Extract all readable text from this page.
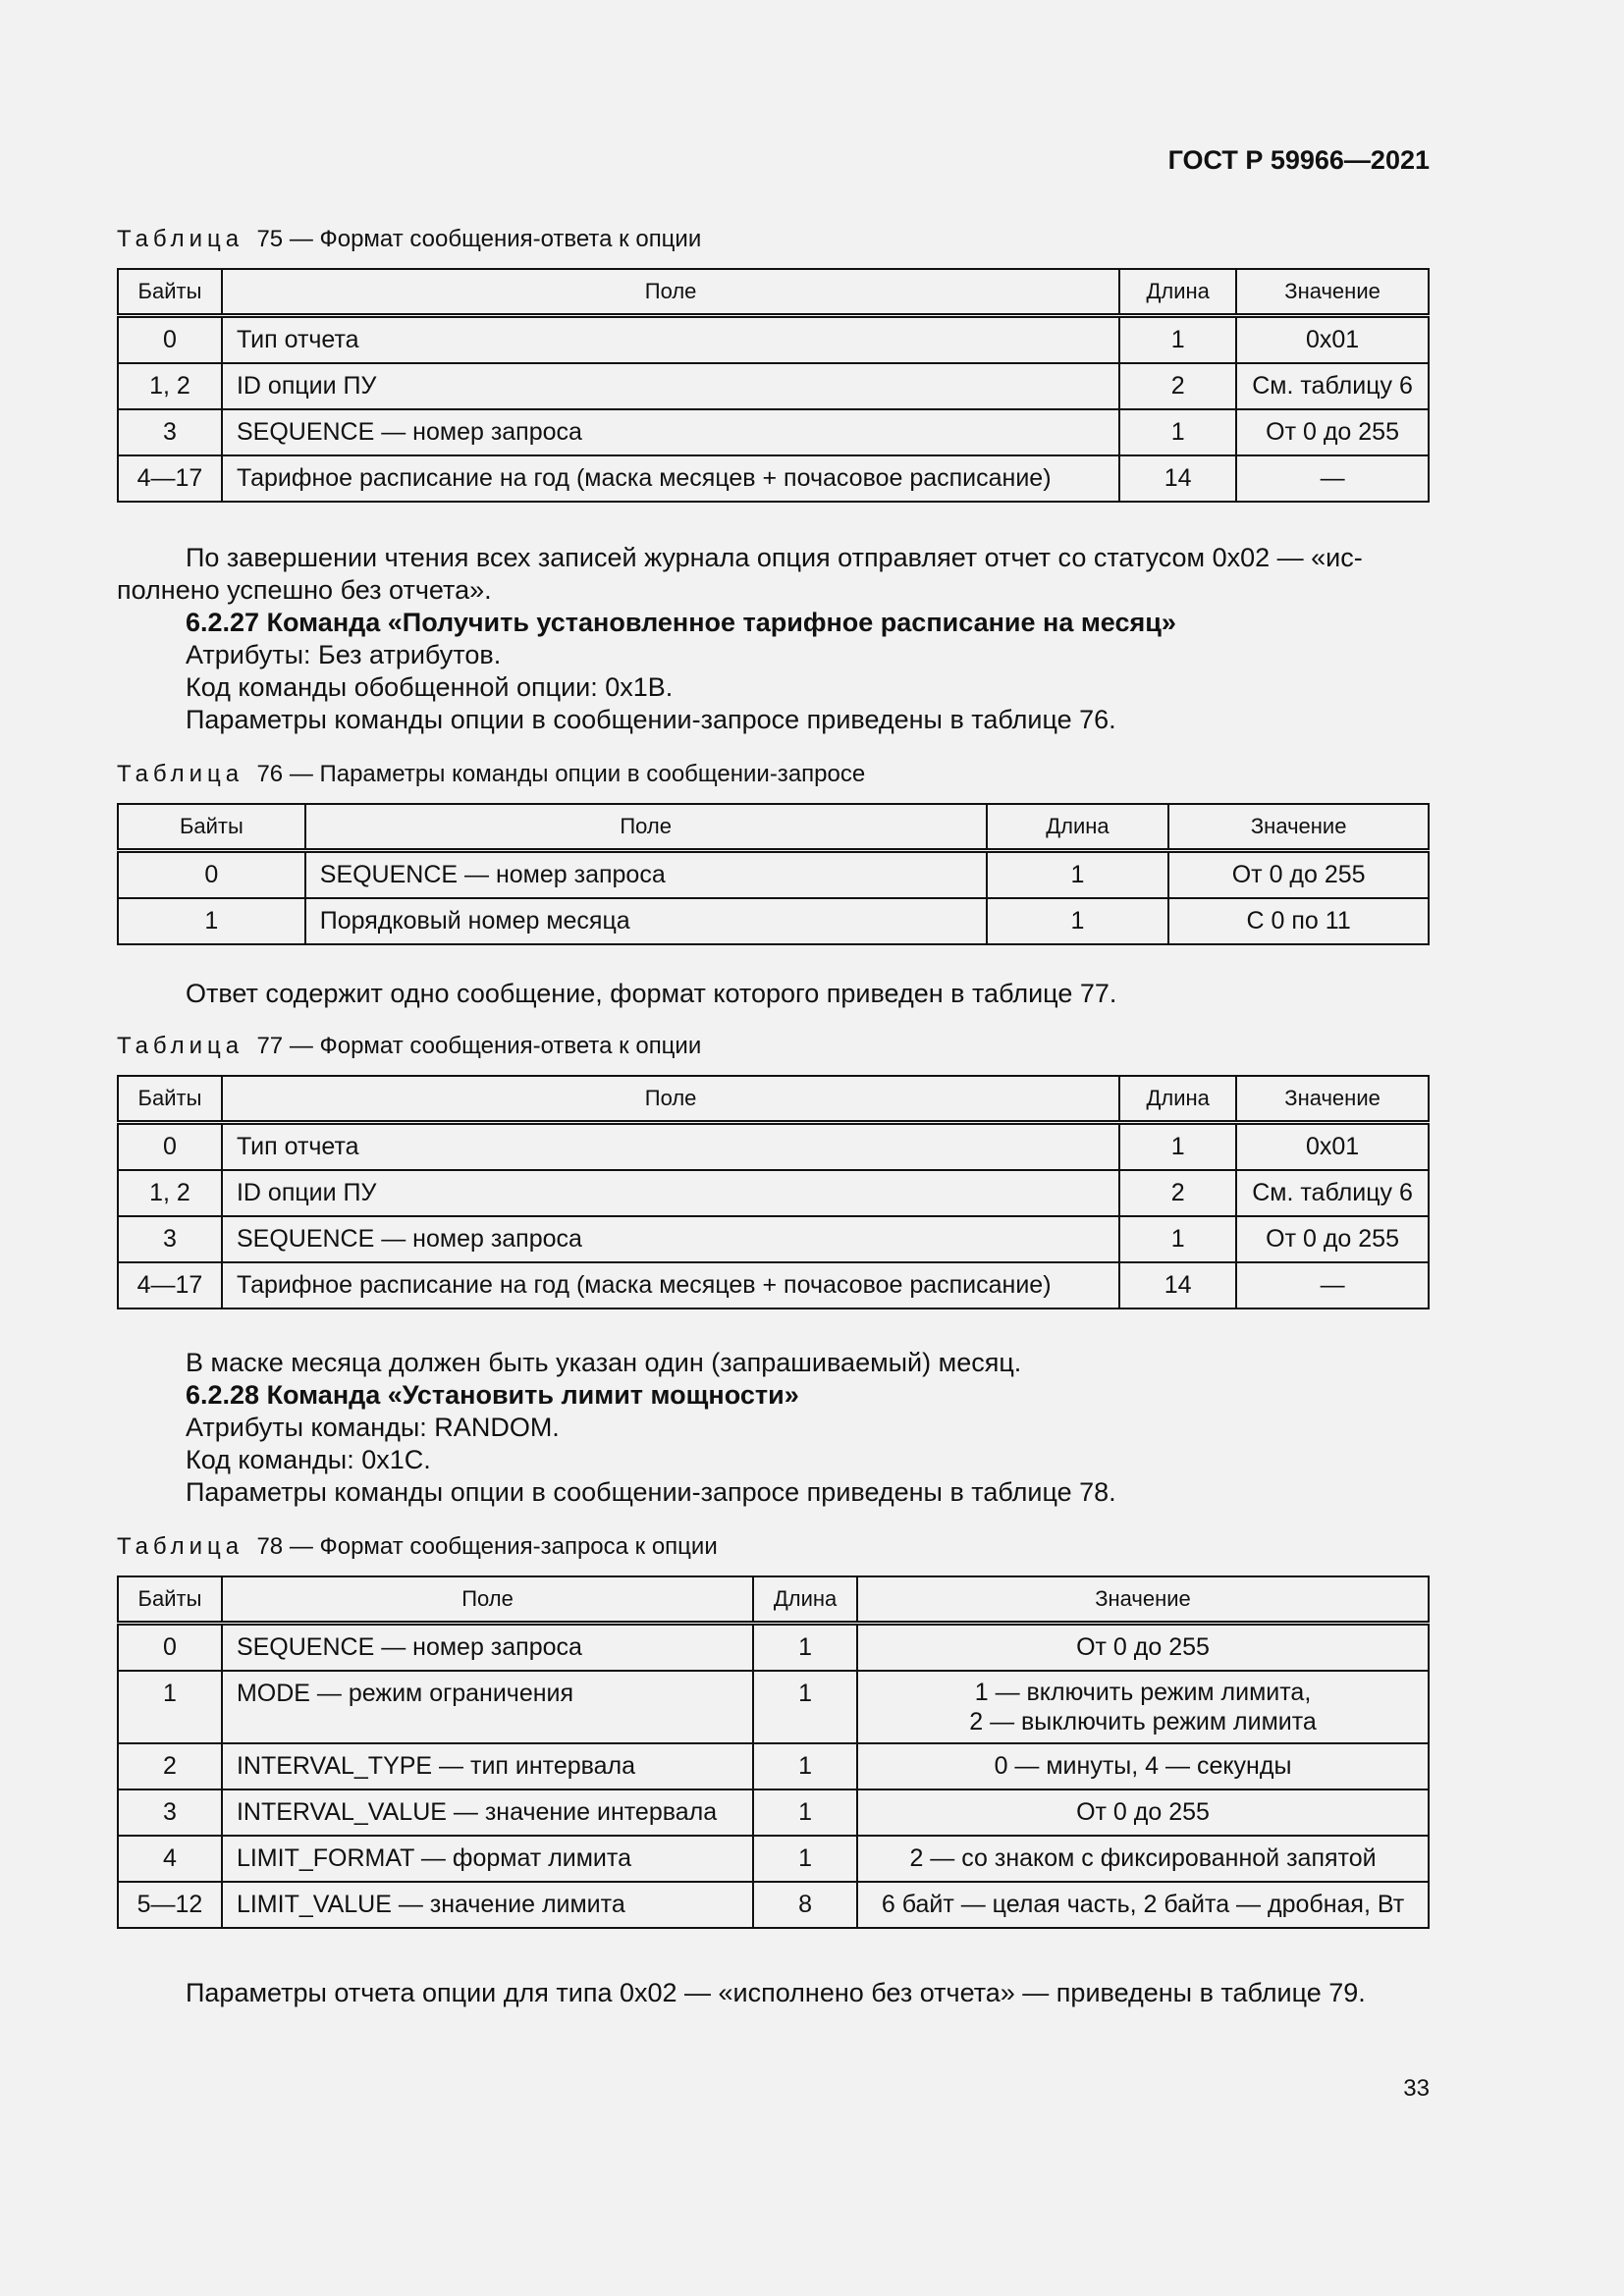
ГОСТ Р 59966—2021
Таблица 75 — Формат сообщения-ответа к опции
Байты	Поле	Длина	Значение
0	Тип отчета	1	0x01
1, 2	ID опции ПУ	2	См. таблицу 6
3	SEQUENCE — номер запроса	1	От 0 до 255
4—17	Тарифное расписание на год (маска месяцев + почасовое расписание)	14	—

По завершении чтения всех записей журнала опция отправляет отчет со статусом 0x02 — «исполнено успешно без отчета».

6.2.27 Команда «Получить установленное тарифное расписание на месяц»

Атрибуты: Без атрибутов.

Код команды обобщенной опции: 0x1B.

Параметры команды опции в сообщении-запросе приведены в таблице 76.

Таблица 76 — Параметры команды опции в сообщении-запросе
Байты	Поле	Длина	Значение
0	SEQUENCE — номер запроса	1	От 0 до 255
1	Порядковый номер месяца	1	С 0 по 11

Ответ содержит одно сообщение, формат которого приведен в таблице 77.

Таблица 77 — Формат сообщения-ответа к опции
Байты	Поле	Длина	Значение
0	Тип отчета	1	0x01
1, 2	ID опции ПУ	2	См. таблицу 6
3	SEQUENCE — номер запроса	1	От 0 до 255
4—17	Тарифное расписание на год (маска месяцев + почасовое расписание)	14	—

В маске месяца должен быть указан один (запрашиваемый) месяц.

6.2.28 Команда «Установить лимит мощности»

Атрибуты команды: RANDOM.

Код команды: 0x1C.

Параметры команды опции в сообщении-запросе приведены в таблице 78.

Таблица 78 — Формат сообщения-запроса к опции
Байты	Поле	Длина	Значение
0	SEQUENCE — номер запроса	1	От 0 до 255
1	MODE — режим ограничения	1	1 — включить режим лимита,
2 — выключить режим лимита

2	INTERVAL_TYPE — тип интервала	1	0 — минуты, 4 — секунды
3	INTERVAL_VALUE — значение интервала	1	От 0 до 255
4	LIMIT_FORMAT — формат лимита	1	2 — со знаком с фиксированной запятой
5—12	LIMIT_VALUE — значение лимита	8	6 байт — целая часть, 2 байта — дробная, Вт

Параметры отчета опции для типа 0x02 — «исполнено без отчета» — приведены в таблице 79.

33
